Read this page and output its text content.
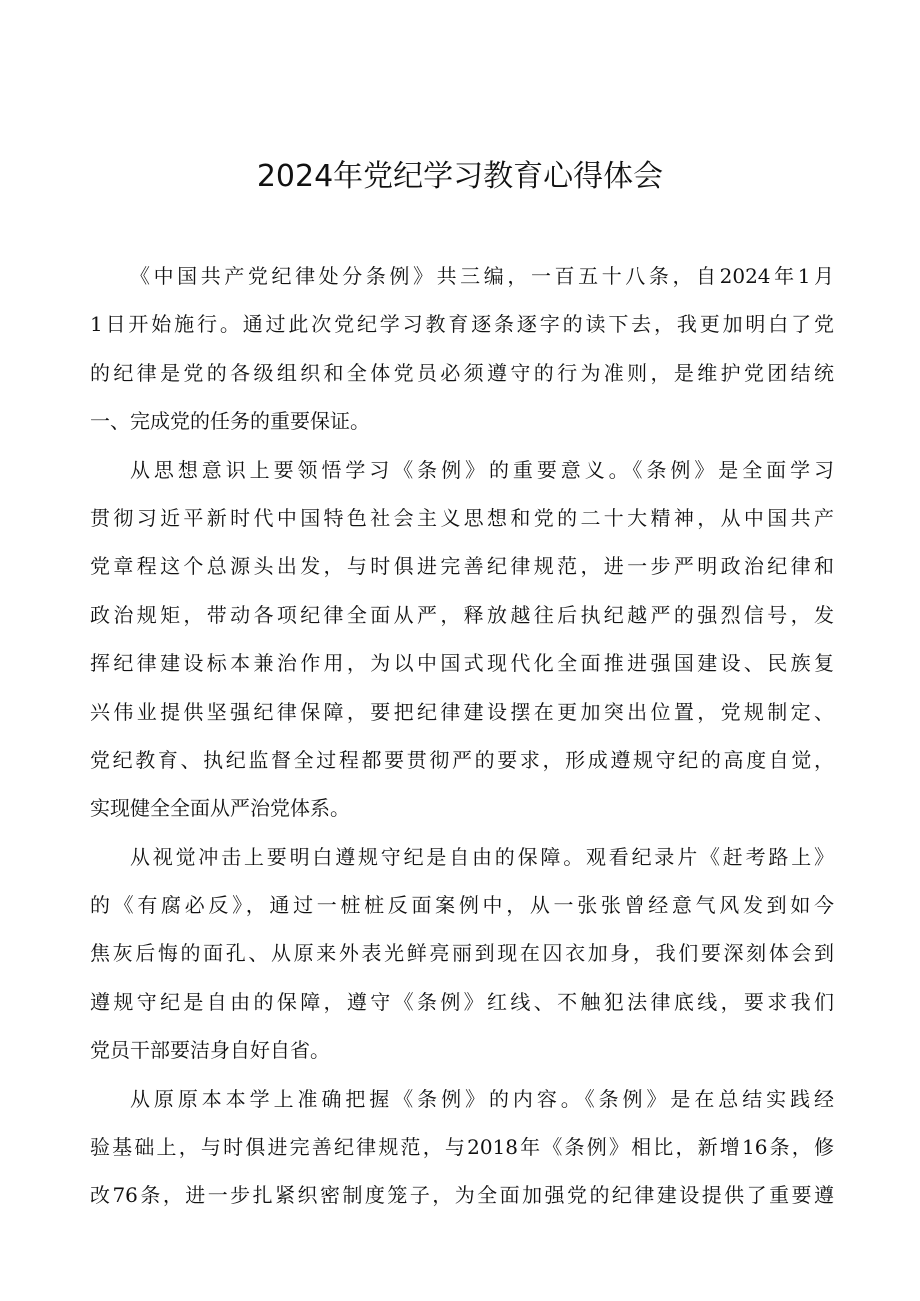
2024年党纪学习教育心得体会
《中国共产党纪律处分条例》共三编，一百五十八条，自2024年1月
1日开始施行。通过此次党纪学习教育逐条逐字的读下去，我更加明白了党
的纪律是党的各级组织和全体党员必须遵守的行为准则，是维护党团结统
一、完成党的任务的重要保证。
从思想意识上要领悟学习《条例》的重要意义。《条例》是全面学习
贯彻习近平新时代中国特色社会主义思想和党的二十大精神，从中国共产
党章程这个总源头出发，与时俱进完善纪律规范，进一步严明政治纪律和
政治规矩，带动各项纪律全面从严，释放越往后执纪越严的强烈信号，发
挥纪律建设标本兼治作用，为以中国式现代化全面推进强国建设、民族复
兴伟业提供坚强纪律保障，要把纪律建设摆在更加突出位置，党规制定、
党纪教育、执纪监督全过程都要贯彻严的要求，形成遵规守纪的高度自觉，
实现健全全面从严治党体系。
从视觉冲击上要明白遵规守纪是自由的保障。观看纪录片《赶考路上》
的《有腐必反》，通过一桩桩反面案例中，从一张张曾经意气风发到如今
焦灰后悔的面孔、从原来外表光鲜亮丽到现在囚衣加身，我们要深刻体会到
遵规守纪是自由的保障，遵守《条例》红线、不触犯法律底线，要求我们
党员干部要洁身自好自省。
从原原本本学上准确把握《条例》的内容。《条例》是在总结实践经
验基础上，与时俱进完善纪律规范，与2018年《条例》相比，新增16条，修
改76条，进一步扎紧织密制度笼子，为全面加强党的纪律建设提供了重要遵
